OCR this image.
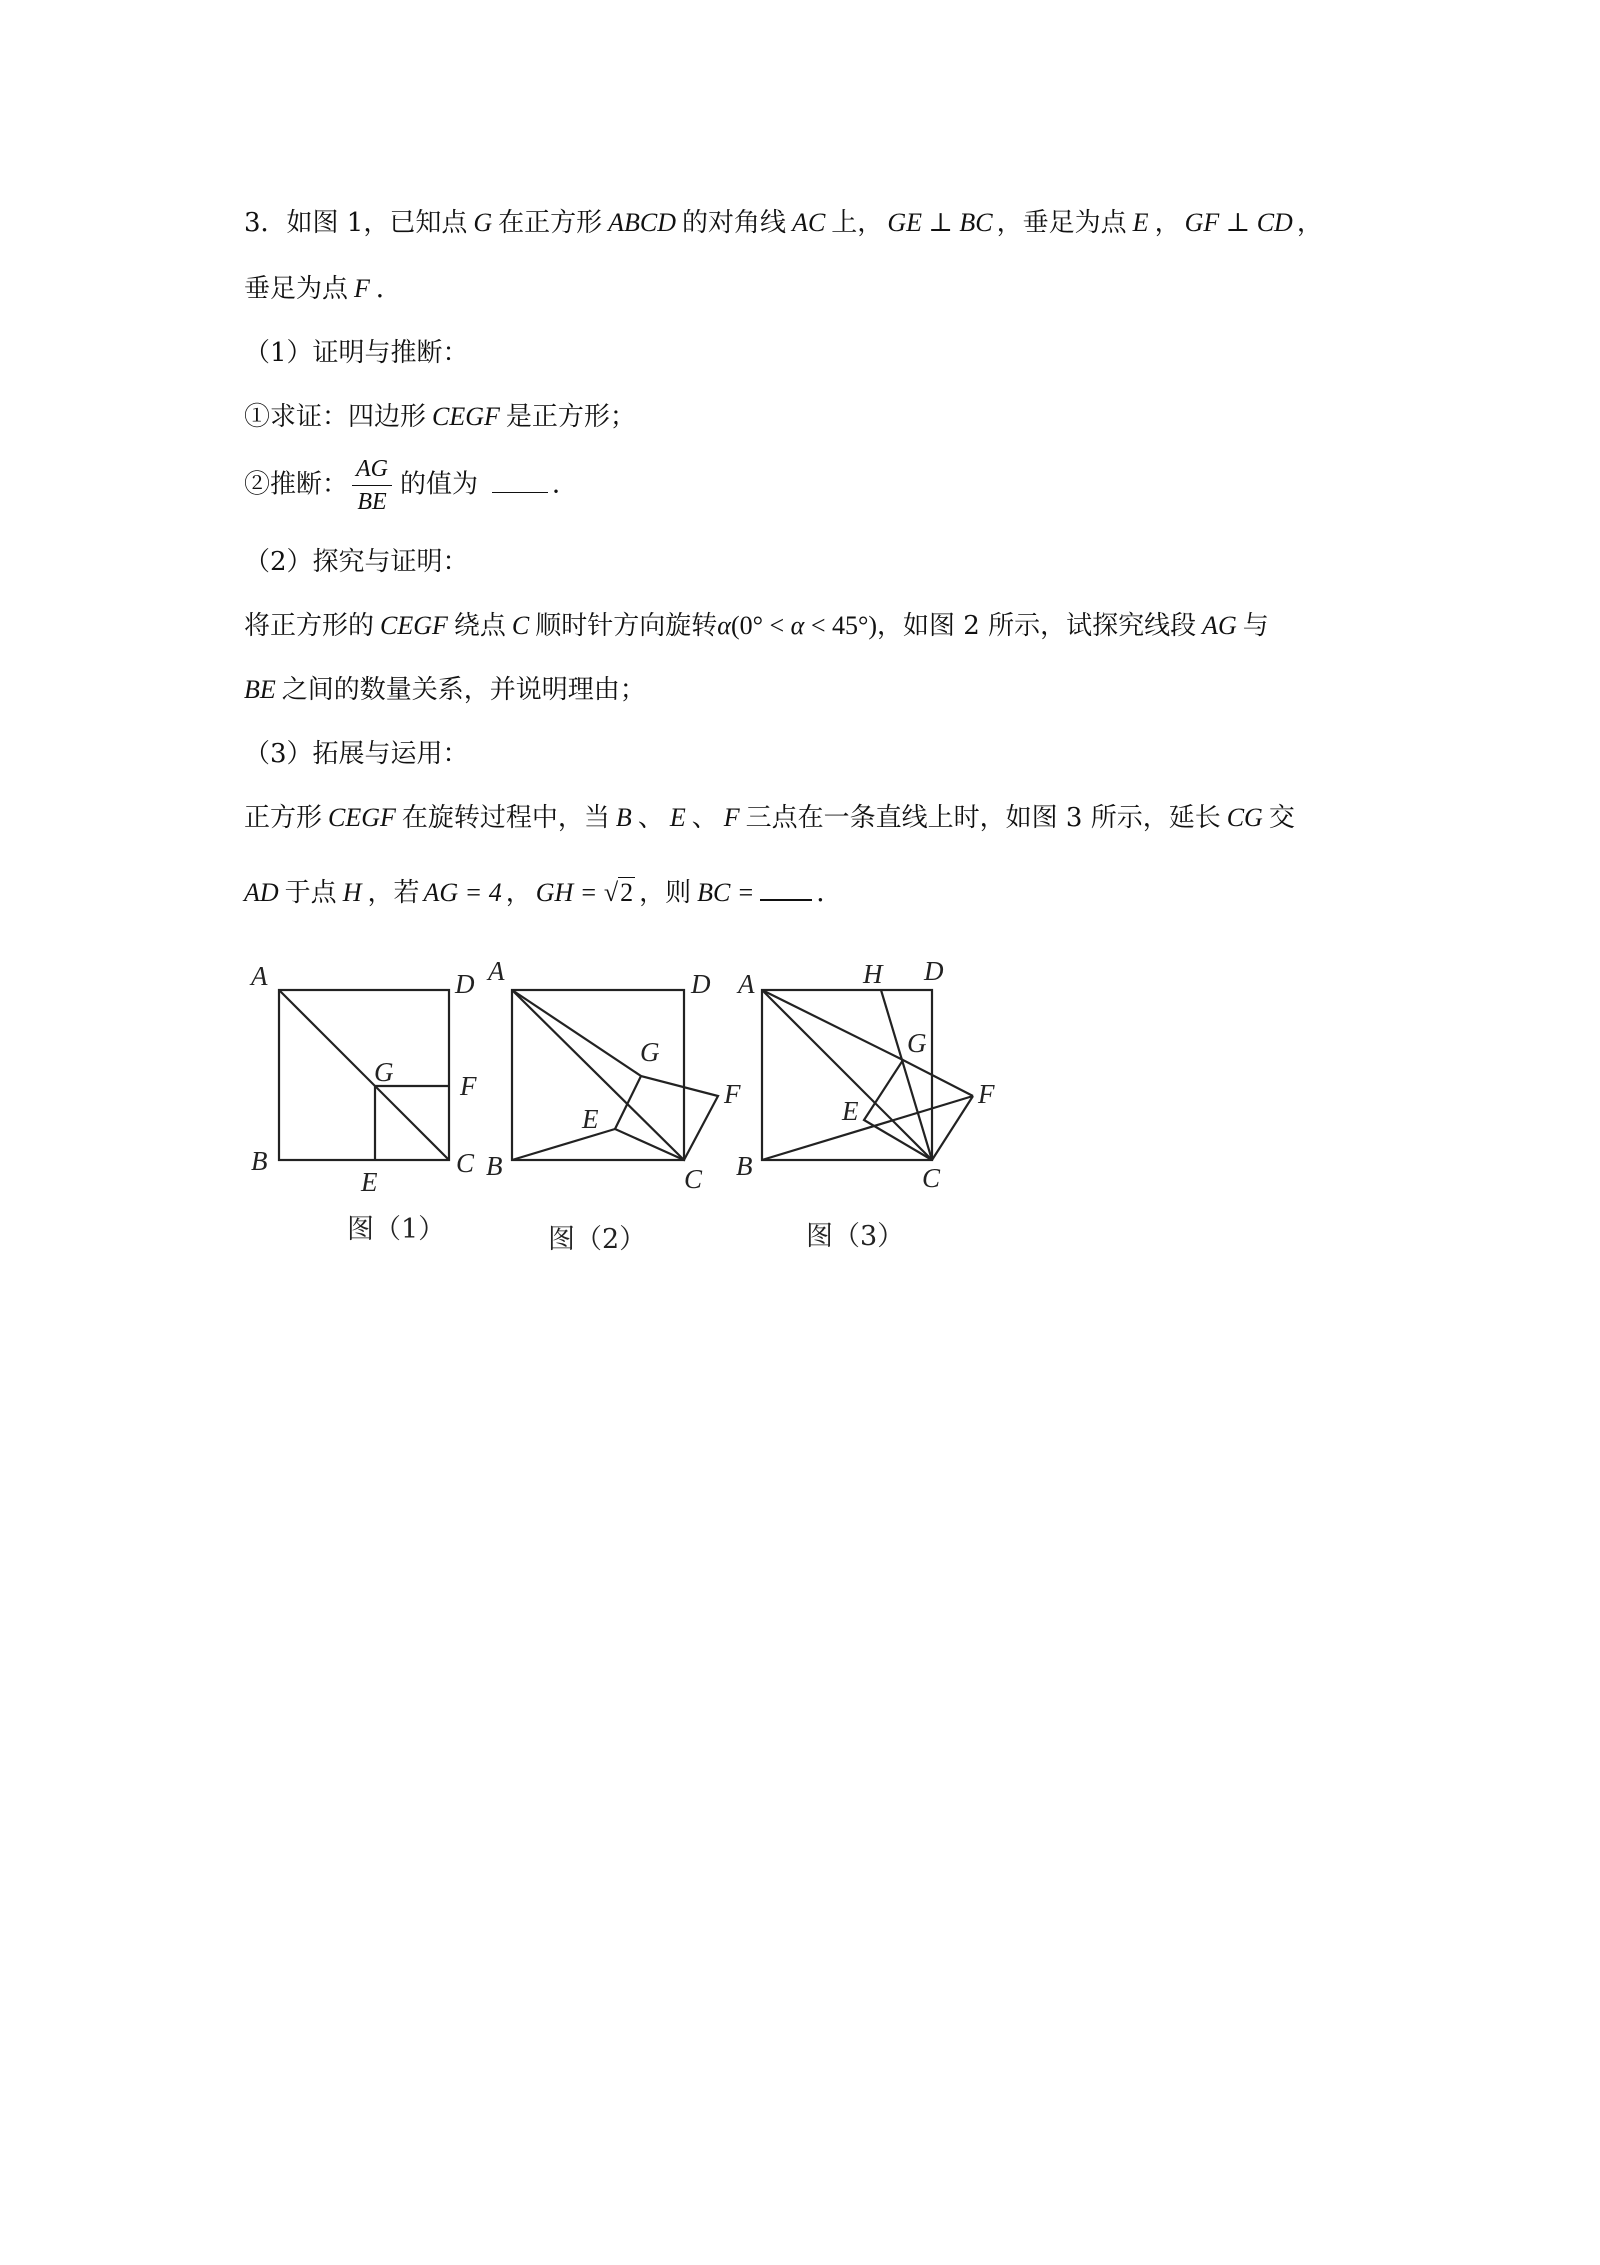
3．如图 1，已知点 G 在正方形 ABCD 的对角线 AC 上， GE ⊥ BC ，垂足为点 E ， GF ⊥ CD ，
垂足为点 F ．
（1）证明与推断：
①求证：四边形 CEGF 是正方形；
②推断： $\frac{AG}{BE}$ 的值为	．
（2）探究与证明：
将正方形的 CEGF 绕点 C 顺时针方向旋转α(0° < α < 45°)，如图 2 所示，试探究线段 AG 与
BE 之间的数量关系，并说明理由；
（3）拓展与运用：
正方形 CEGF 在旋转过程中，当 B 、 E 、 F 三点在一条直线上时，如图 3 所示，延长 CG 交
AD 于点 H ，若 AG = 4 ， GH = √2 ，则 BC = ．
A	D
G F
B
E
C
图（1）
A	D
G
F
E
B	C
图（2）
A	H D
G
F
E
B	C
图（3）
